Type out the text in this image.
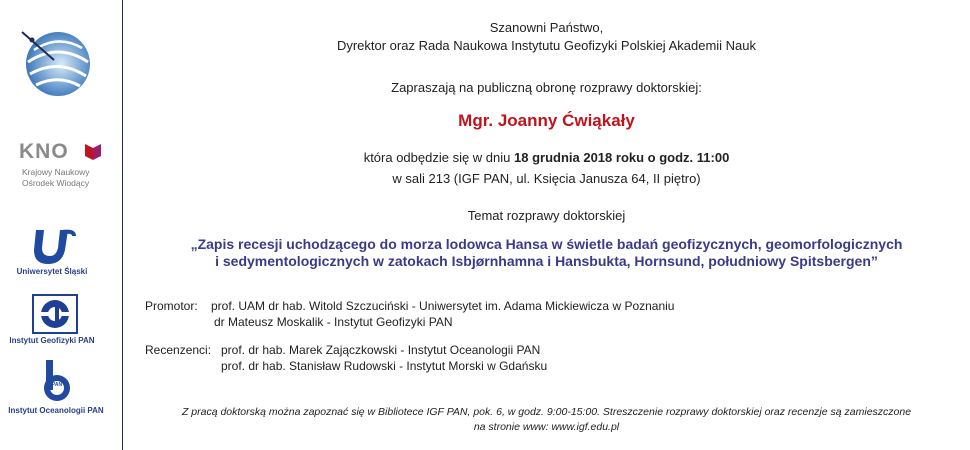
KNO
Krajowy Naukowy
Ośrodek Wiodący
Uniwersytet Śląski
Instytut Geofizyki PAN
PAN
Instytut Oceanologii PAN
Szanowni Państwo,
Dyrektor oraz Rada Naukowa Instytutu Geofizyki Polskiej Akademii Nauk
Zapraszają na publiczną obronę rozprawy doktorskiej:
Mgr. Joanny Ćwiąkały
która odbędzie się w dniu 18 grudnia 2018 roku o godz. 11:00
w sali 213 (IGF PAN, ul. Księcia Janusza 64, II piętro)
Temat rozprawy doktorskiej
„Zapis recesji uchodzącego do morza lodowca Hansa w świetle badań geofizycznych, geomorfologicznych
i sedymentologicznych w zatokach Isbjørnhamna i Hansbukta, Hornsund, południowy Spitsbergen”
Promotor: prof. UAM dr hab. Witold Szczuciński - Uniwersytet im. Adama Mickiewicza w Poznaniu
dr Mateusz Moskalik - Instytut Geofizyki PAN
Recenzenci: prof. dr hab. Marek Zajączkowski - Instytut Oceanologii PAN
prof. dr hab. Stanisław Rudowski - Instytut Morski w Gdańsku
Z pracą doktorską można zapoznać się w Bibliotece IGF PAN, pok. 6, w godz. 9:00-15:00. Streszczenie rozprawy doktorskiej oraz recenzje są zamieszczone
na stronie www: www.igf.edu.pl
